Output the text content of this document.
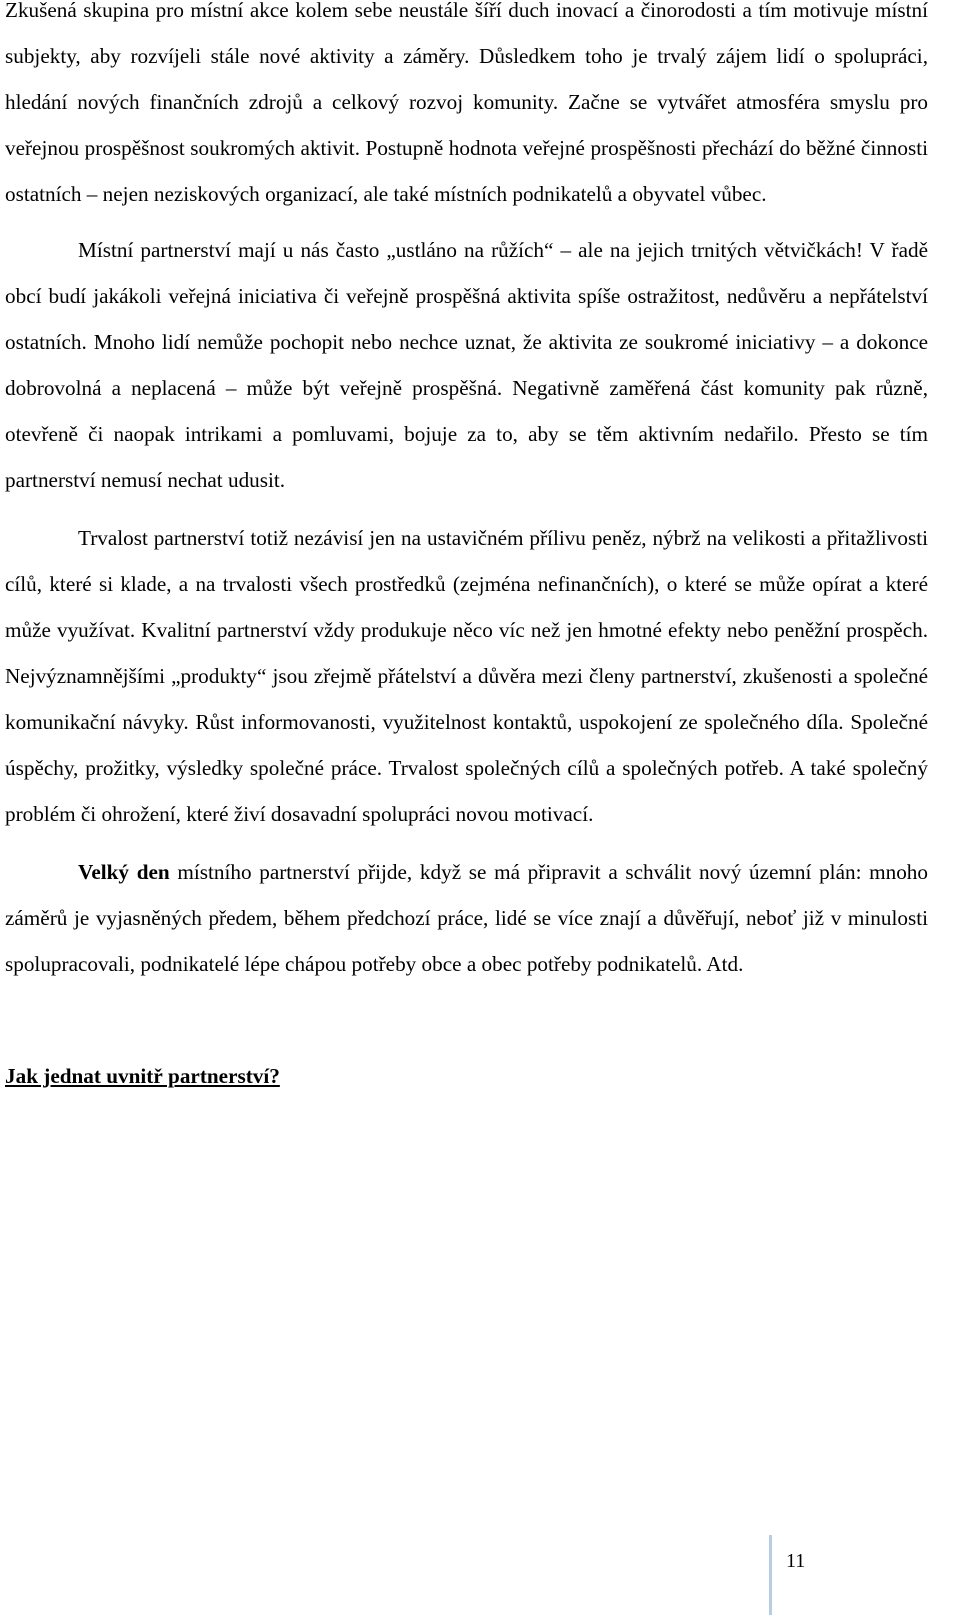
Zkušená skupina pro místní akce kolem sebe neustále šíří duch inovací a činorodosti a tím motivuje místní subjekty, aby rozvíjeli stále nové aktivity a záměry. Důsledkem toho je trvalý zájem lidí o spolupráci, hledání nových finančních zdrojů a celkový rozvoj komunity. Začne se vytvářet atmosféra smyslu pro veřejnou prospěšnost soukromých aktivit. Postupně hodnota veřejné prospěšnosti přechází do běžné činnosti ostatních – nejen neziskových organizací, ale také místních podnikatelů a obyvatel vůbec.

Místní partnerství mají u nás často „ustláno na růžích“ – ale na jejich trnitých větvičkách! V řadě obcí budí jakákoli veřejná iniciativa či veřejně prospěšná aktivita spíše ostražitost, nedůvěru a nepřátelství ostatních. Mnoho lidí nemůže pochopit nebo nechce uznat, že aktivita ze soukromé iniciativy – a dokonce dobrovolná a neplacená – může být veřejně prospěšná. Negativně zaměřená část komunity pak různě, otevřeně či naopak intrikami a pomluvami, bojuje za to, aby se těm aktivním nedařilo. Přesto se tím partnerství nemusí nechat udusit.

Trvalost partnerství totiž nezávisí jen na ustavičném přílivu peněz, nýbrž na velikosti a přitažlivosti cílů, které si klade, a na trvalosti všech prostředků (zejména nefinančních), o které se může opírat a které může využívat. Kvalitní partnerství vždy produkuje něco víc než jen hmotné efekty nebo peněžní prospěch. Nejvýznamnějšími „produkty“ jsou zřejmě přátelství a důvěra mezi členy partnerství, zkušenosti a společné komunikační návyky. Růst informovanosti, využitelnost kontaktů, uspokojení ze společného díla. Společné úspěchy, prožitky, výsledky společné práce. Trvalost společných cílů a společných potřeb. A také společný problém či ohrožení, které živí dosavadní spolupráci novou motivací.

Velký den místního partnerství přijde, když se má připravit a schválit nový územní plán: mnoho záměrů je vyjasněných předem, během předchozí práce, lidé se více znají a důvěřují, neboť již v minulosti spolupracovali, podnikatelé lépe chápou potřeby obce a obec potřeby podnikatelů. Atd.

Jak jednat uvnitř partnerství?
11
